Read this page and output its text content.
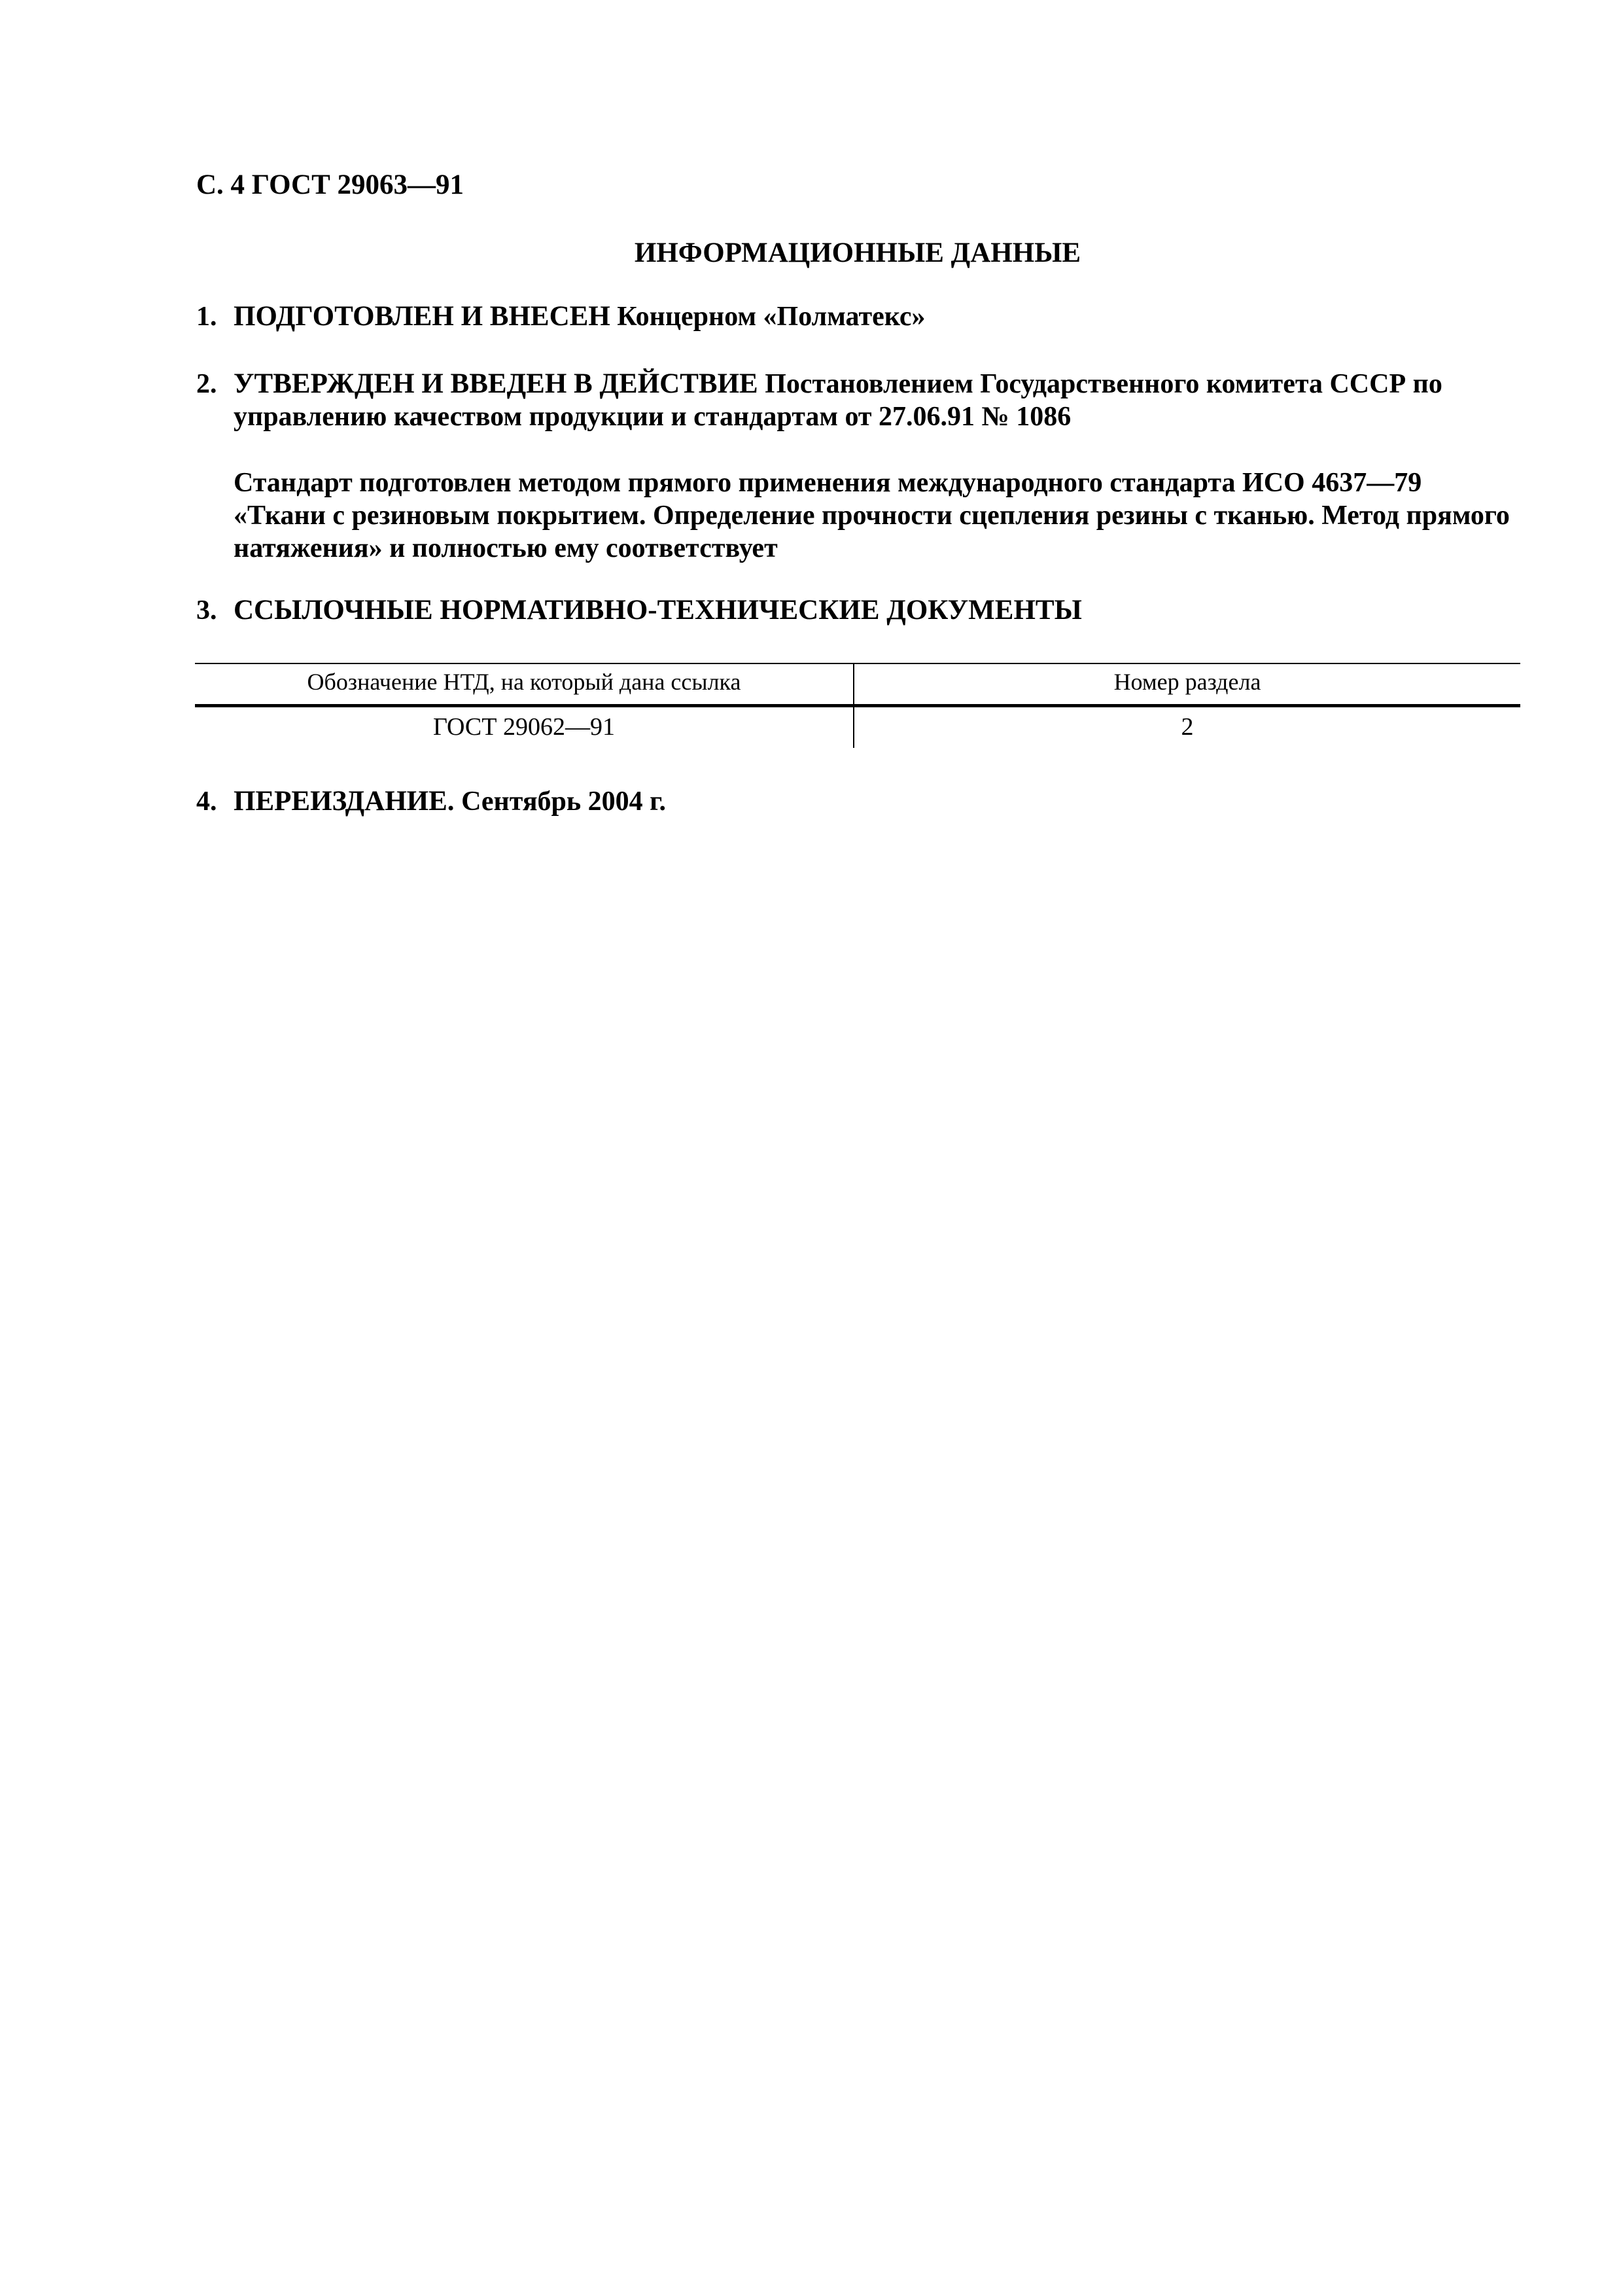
С. 4 ГОСТ 29063—91
ИНФОРМАЦИОННЫЕ ДАННЫЕ
1. ПОДГОТОВЛЕН И ВНЕСЕН Концерном «Полматекс»
2. УТВЕРЖДЕН И ВВЕДЕН В ДЕЙСТВИЕ Постановлением Государственного комитета СССР по
управлению качеством продукции и стандартам от 27.06.91 № 1086
Стандарт подготовлен методом прямого применения международного стандарта ИСО 4637—79
«Ткани с резиновым покрытием. Определение прочности сцепления резины с тканью. Метод прямого
натяжения» и полностью ему соответствует
3. ССЫЛОЧНЫЕ НОРМАТИВНО-ТЕХНИЧЕСКИЕ ДОКУМЕНТЫ
Обозначение НТД, на который дана ссылка	Номер раздела
ГОСТ 29062—91	2
4. ПЕРЕИЗДАНИЕ. Сентябрь 2004 г.
